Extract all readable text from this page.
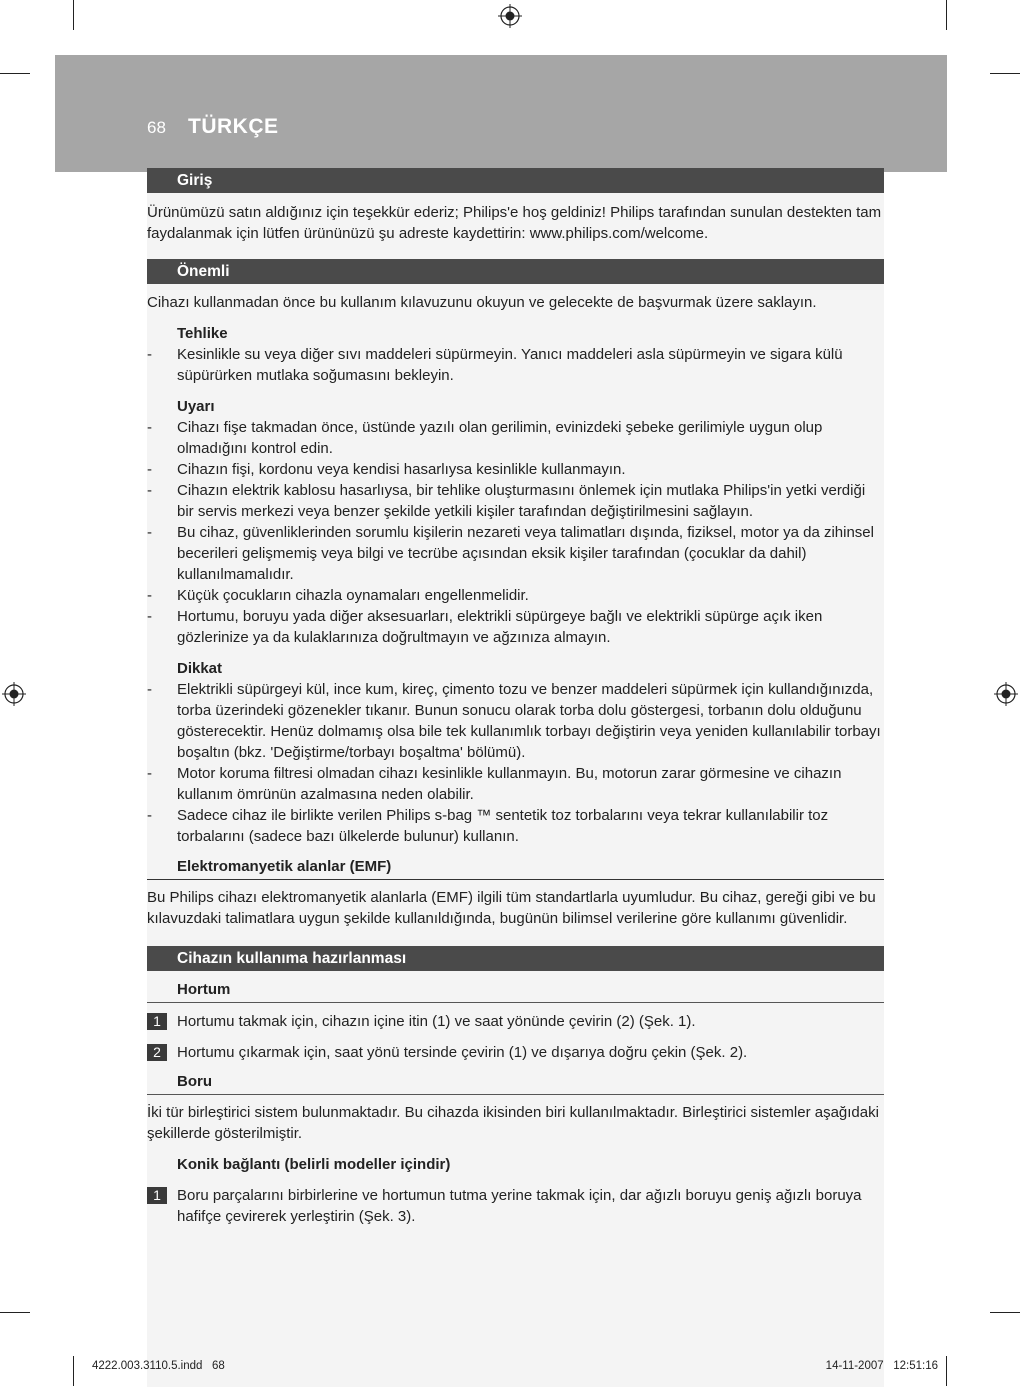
68 TÜRKÇE
Giriş

Ürünümüzü satın aldığınız için teşekkür ederiz; Philips'e hoş geldiniz! Philips tarafından sunulan destekten tam faydalanmak için lütfen ürününüzü şu adreste kaydettirin: www.philips.com/welcome.

Önemli

Cihazı kullanmadan önce bu kullanım kılavuzunu okuyun ve gelecekte de başvurmak üzere saklayın.

Tehlike

- Kesinlikle su veya diğer sıvı maddeleri süpürmeyin. Yanıcı maddeleri asla süpürmeyin ve sigara külü süpürürken mutlaka soğumasını bekleyin.

Uyarı

- Cihazı fişe takmadan önce, üstünde yazılı olan gerilimin, evinizdeki şebeke gerilimiyle uygun olup olmadığını kontrol edin.
- Cihazın fişi, kordonu veya kendisi hasarlıysa kesinlikle kullanmayın.
- Cihazın elektrik kablosu hasarlıysa, bir tehlike oluşturmasını önlemek için mutlaka Philips'in yetki verdiği bir servis merkezi veya benzer şekilde yetkili kişiler tarafından değiştirilmesini sağlayın.
- Bu cihaz, güvenliklerinden sorumlu kişilerin nezareti veya talimatları dışında, fiziksel, motor ya da zihinsel becerileri gelişmemiş veya bilgi ve tecrübe açısından eksik kişiler tarafından (çocuklar da dahil) kullanılmamalıdır.
- Küçük çocukların cihazla oynamaları engellenmelidir.
- Hortumu, boruyu yada diğer aksesuarları, elektrikli süpürgeye bağlı ve elektrikli süpürge açık iken gözlerinize ya da kulaklarınıza doğrultmayın ve ağzınıza almayın.

Dikkat

- Elektrikli süpürgeyi kül, ince kum, kireç, çimento tozu ve benzer maddeleri süpürmek için kullandığınızda, torba üzerindeki gözenekler tıkanır. Bunun sonucu olarak torba dolu göstergesi, torbanın dolu olduğunu gösterecektir. Henüz dolmamış olsa bile tek kullanımlık torbayı değiştirin veya yeniden kullanılabilir torbayı boşaltın (bkz. 'Değiştirme/torbayı boşaltma' bölümü).
- Motor koruma filtresi olmadan cihazı kesinlikle kullanmayın. Bu, motorun zarar görmesine ve cihazın kullanım ömrünün azalmasına neden olabilir.
- Sadece cihaz ile birlikte verilen Philips s-bag ™ sentetik toz torbalarını veya tekrar kullanılabilir toz torbalarını (sadece bazı ülkelerde bulunur) kullanın.

Elektromanyetik alanlar (EMF)

Bu Philips cihazı elektromanyetik alanlarla (EMF) ilgili tüm standartlarla uyumludur. Bu cihaz, gereği gibi ve bu kılavuzdaki talimatlara uygun şekilde kullanıldığında, bugünün bilimsel verilerine göre kullanımı güvenlidir.

Cihazın kullanıma hazırlanması

Hortum

1	Hortumu takmak için, cihazın içine itin (1) ve saat yönünde çevirin (2) (Şek. 1).
2	Hortumu çıkarmak için, saat yönü tersinde çevirin (1) ve dışarıya doğru çekin (Şek. 2).

Boru

İki tür birleştirici sistem bulunmaktadır. Bu cihazda ikisinden biri kullanılmaktadır. Birleştirici sistemler aşağıdaki şekillerde gösterilmiştir.

Konik bağlantı (belirli modeller içindir)

1	Boru parçalarını birbirlerine ve hortumun tutma yerine takmak için, dar ağızlı boruyu geniş ağızlı boruya hafifçe çevirerek yerleştirin (Şek. 3).
4222.003.3110.5.indd   68	14-11-2007   12:51:16
